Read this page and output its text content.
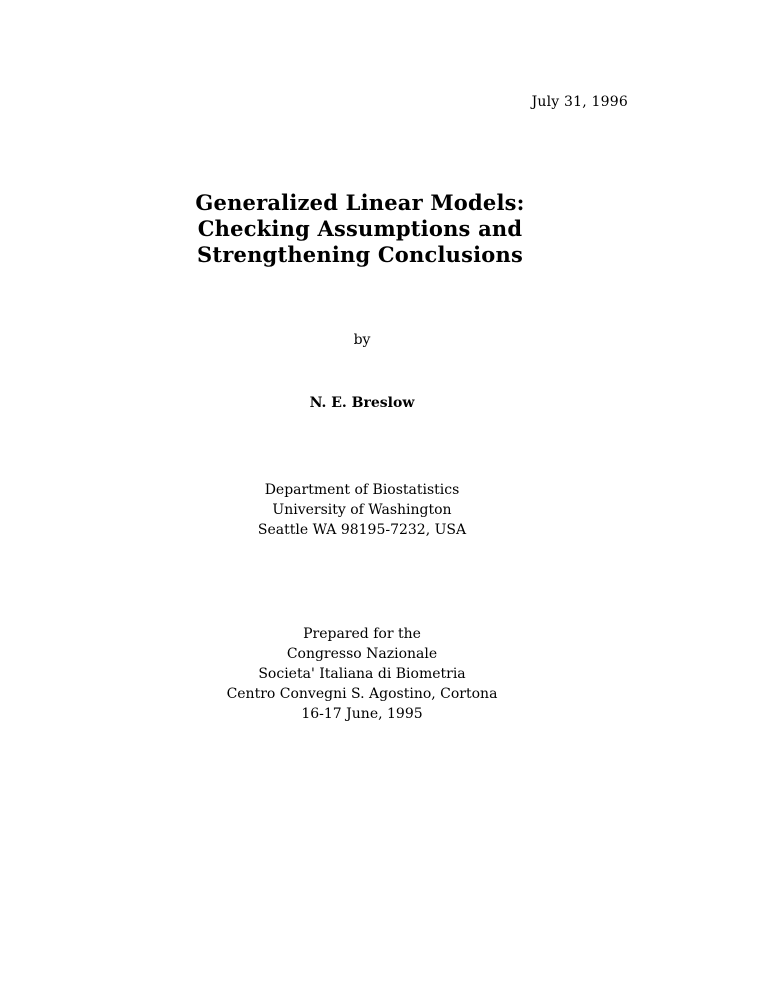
July 31, 1996
Generalized Linear Models:
Checking Assumptions and
Strengthening Conclusions
by
N. E. Breslow
Department of Biostatistics
University of Washington
Seattle WA 98195-7232, USA
Prepared for the
Congresso Nazionale
Societa' Italiana di Biometria
Centro Convegni S. Agostino, Cortona
16-17 June, 1995
